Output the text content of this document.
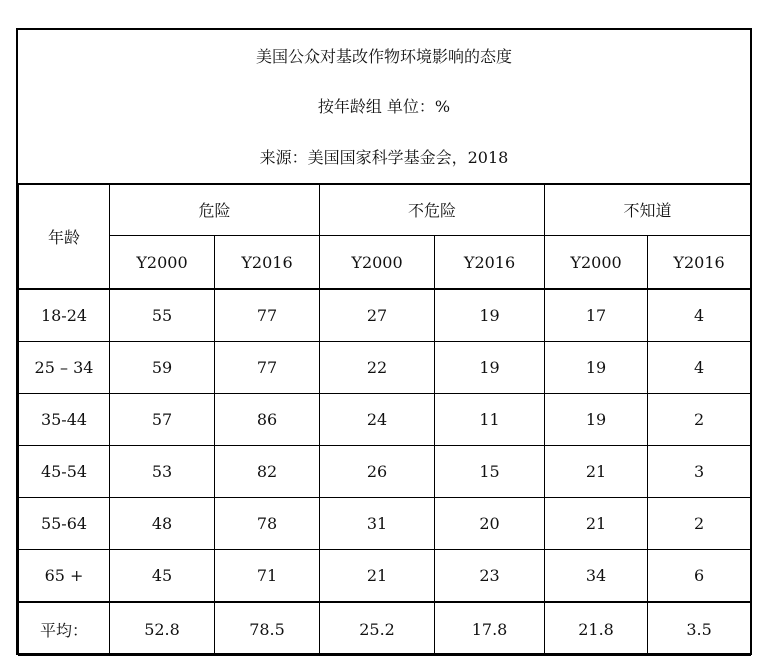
美国公众对基改作物环境影响的态度
按年龄组 单位：%
来源：美国国家科学基金会，2018
年龄	危险		不危险		不知道	
	Y2000	Y2016	Y2000	Y2016	Y2000	Y2016
18-24	55	77	27	19	17	4
25 – 34	59	77	22	19	19	4
35-44	57	86	24	11	19	2
45-54	53	82	26	15	21	3
55-64	48	78	31	20	21	2
65 +	45	71	21	23	34	6
平均：	52.8	78.5	25.2	17.8	21.8	3.5
